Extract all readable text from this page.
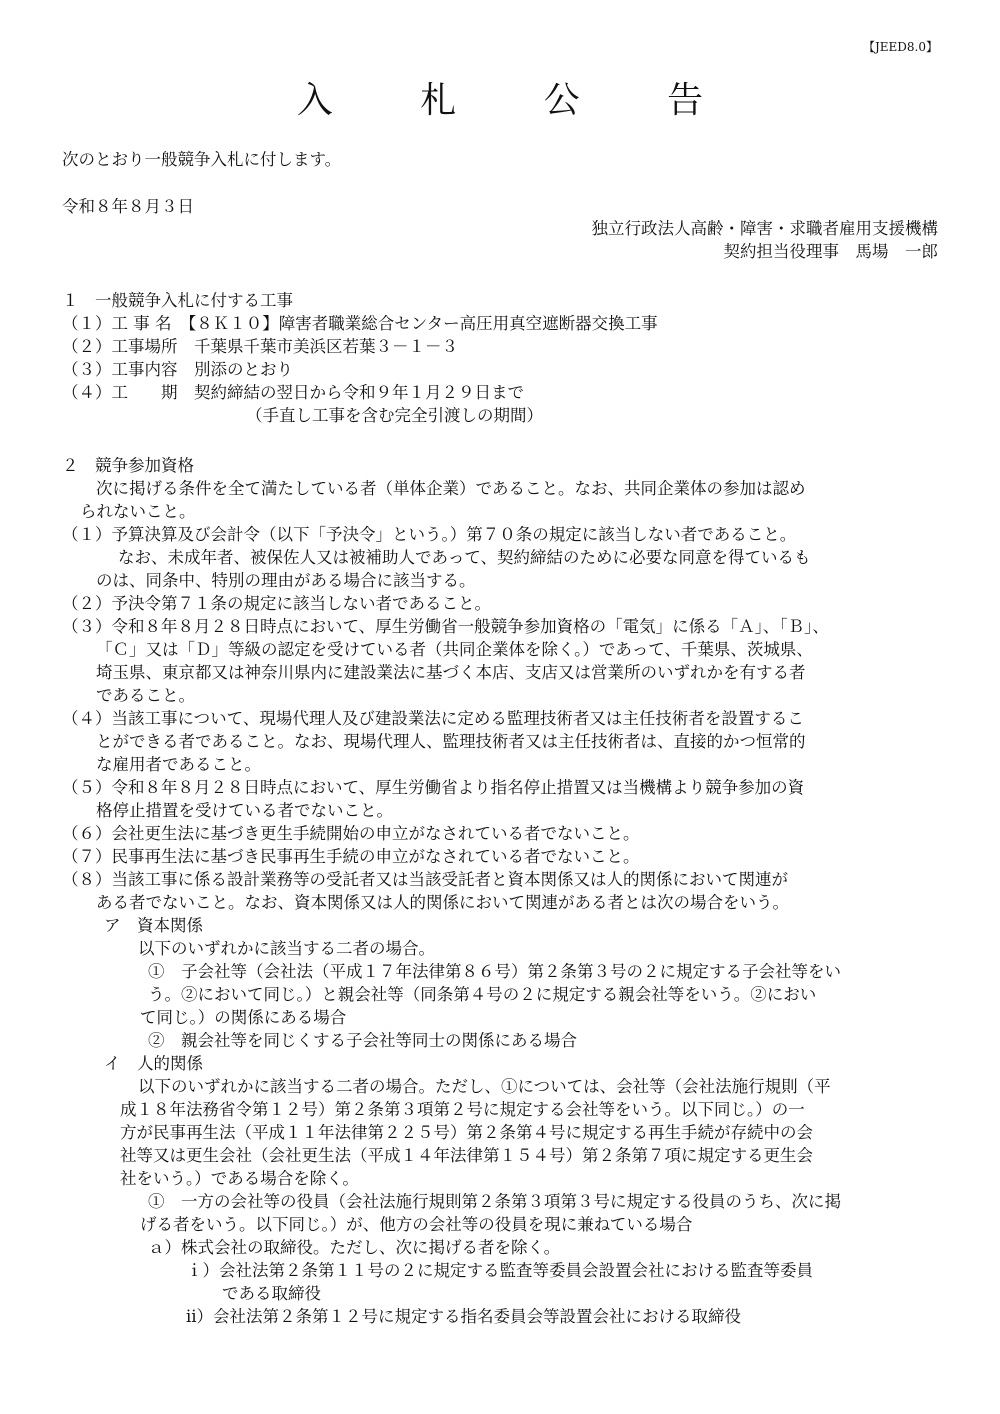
【JEED8.0】
入 札 公 告
次のとおり一般競争入札に付します。
令和８年８月３日
独立行政法人高齢・障害・求職者雇用支援機構
契約担当役理事　馬場　一郎
１　一般競争入札に付する工事
（１）工 事 名　【８Ｋ１０】障害者職業総合センター高圧用真空遮断器交換工事
（２）工事場所　千葉県千葉市美浜区若葉３－１－３
（３）工事内容　別添のとおり
（４）工　　期　契約締結の翌日から令和９年１月２９日まで
（手直し工事を含む完全引渡しの期間）
２　競争参加資格
次に掲げる条件を全て満たしている者（単体企業）であること。なお、共同企業体の参加は認め
られないこと。
（１）予算決算及び会計令（以下「予決令」という。）第７０条の規定に該当しない者であること。
なお、未成年者、被保佐人又は被補助人であって、契約締結のために必要な同意を得ているも
のは、同条中、特別の理由がある場合に該当する。
（２）予決令第７１条の規定に該当しない者であること。
（３）令和８年８月２８日時点において、厚生労働省一般競争参加資格の「電気」に係る「Ａ」、「Ｂ」、
「Ｃ」又は「Ｄ」等級の認定を受けている者（共同企業体を除く。）であって、千葉県、茨城県、
埼玉県、東京都又は神奈川県内に建設業法に基づく本店、支店又は営業所のいずれかを有する者
であること。
（４）当該工事について、現場代理人及び建設業法に定める監理技術者又は主任技術者を設置するこ
とができる者であること。なお、現場代理人、監理技術者又は主任技術者は、直接的かつ恒常的
な雇用者であること。
（５）令和８年８月２８日時点において、厚生労働省より指名停止措置又は当機構より競争参加の資
格停止措置を受けている者でないこと。
（６）会社更生法に基づき更生手続開始の申立がなされている者でないこと。
（７）民事再生法に基づき民事再生手続の申立がなされている者でないこと。
（８）当該工事に係る設計業務等の受託者又は当該受託者と資本関係又は人的関係において関連が
ある者でないこと。なお、資本関係又は人的関係において関連がある者とは次の場合をいう。
ア　資本関係
以下のいずれかに該当する二者の場合。
①　子会社等（会社法（平成１７年法律第８６号）第２条第３号の２に規定する子会社等をい
う。②において同じ。）と親会社等（同条第４号の２に規定する親会社等をいう。②におい
て同じ。）の関係にある場合
②　親会社等を同じくする子会社等同士の関係にある場合
イ　人的関係
以下のいずれかに該当する二者の場合。ただし、①については、会社等（会社法施行規則（平
成１８年法務省令第１２号）第２条第３項第２号に規定する会社等をいう。以下同じ。）の一
方が民事再生法（平成１１年法律第２２５号）第２条第４号に規定する再生手続が存続中の会
社等又は更生会社（会社更生法（平成１４年法律第１５４号）第２条第７項に規定する更生会
社をいう。）である場合を除く。
①　一方の会社等の役員（会社法施行規則第２条第３項第３号に規定する役員のうち、次に掲
げる者をいう。以下同じ。）が、他方の会社等の役員を現に兼ねている場合
ａ）株式会社の取締役。ただし、次に掲げる者を除く。
ｉ）会社法第２条第１１号の２に規定する監査等委員会設置会社における監査等委員
である取締役
ⅱ）会社法第２条第１２号に規定する指名委員会等設置会社における取締役
